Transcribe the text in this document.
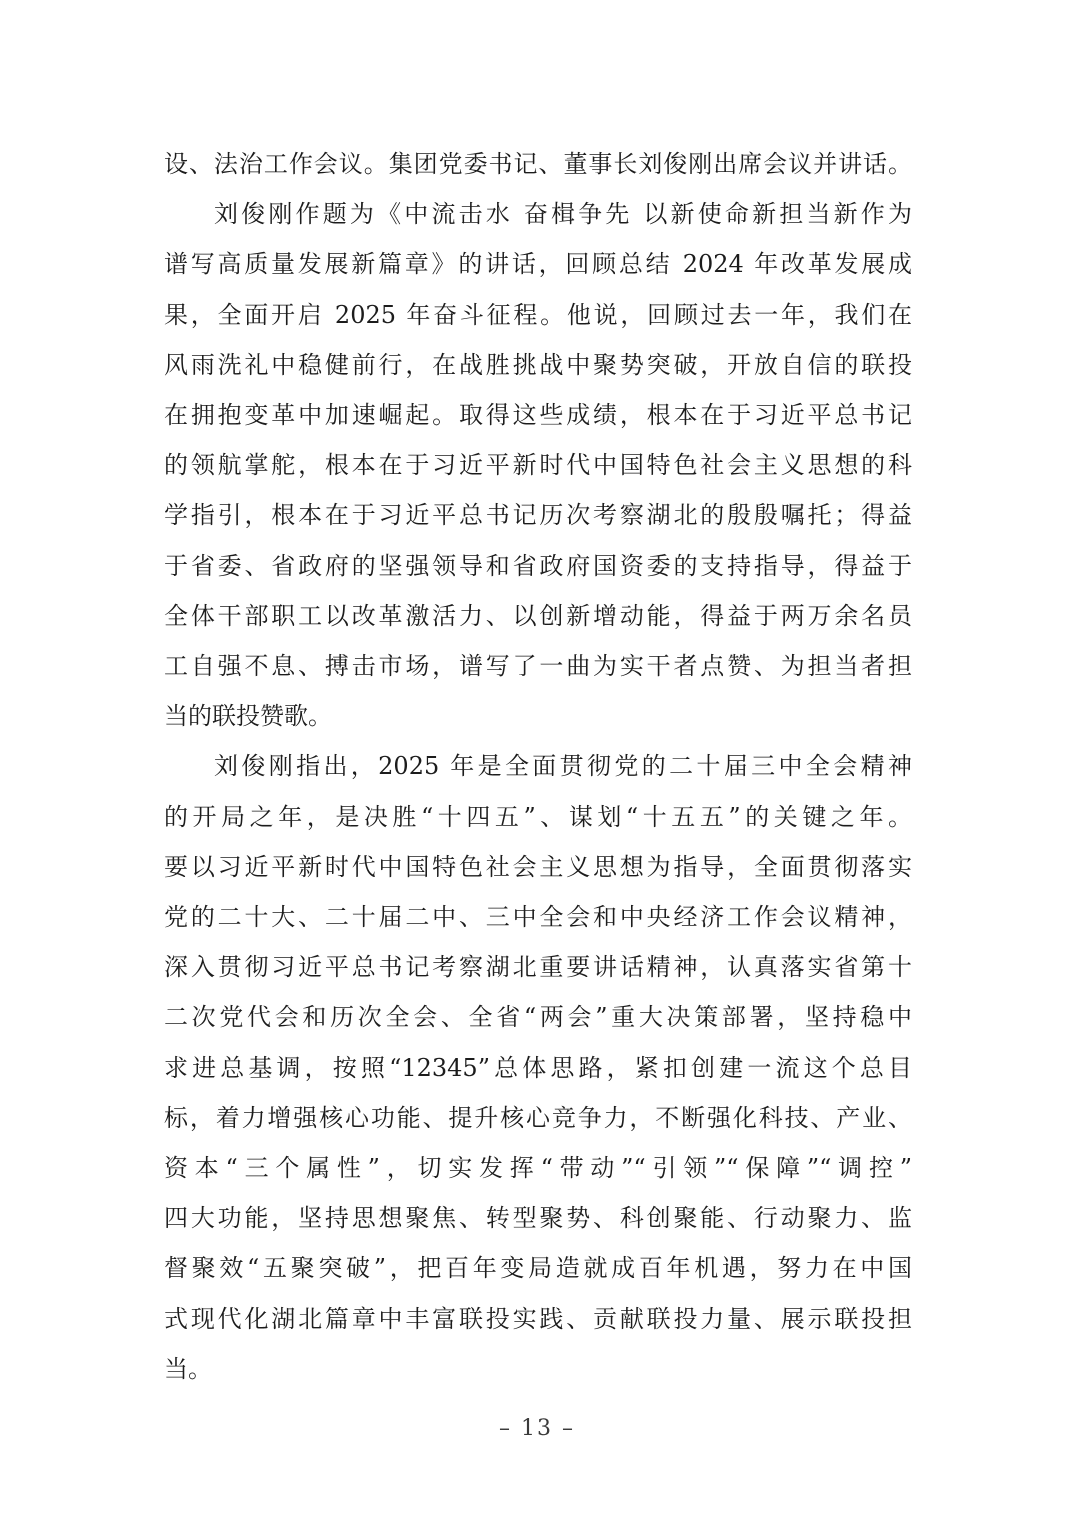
设、法治工作会议。集团党委书记、董事长刘俊刚出席会议并讲话。
刘俊刚作题为《中流击水 奋楫争先 以新使命新担当新作为
谱写高质量发展新篇章》的讲话，回顾总结 2024 年改革发展成
果，全面开启 2025 年奋斗征程。他说，回顾过去一年，我们在
风雨洗礼中稳健前行，在战胜挑战中聚势突破，开放自信的联投
在拥抱变革中加速崛起。取得这些成绩，根本在于习近平总书记
的领航掌舵，根本在于习近平新时代中国特色社会主义思想的科
学指引，根本在于习近平总书记历次考察湖北的殷殷嘱托；得益
于省委、省政府的坚强领导和省政府国资委的支持指导，得益于
全体干部职工以改革激活力、以创新增动能，得益于两万余名员
工自强不息、搏击市场，谱写了一曲为实干者点赞、为担当者担
当的联投赞歌。
刘俊刚指出，2025 年是全面贯彻党的二十届三中全会精神
的开局之年，是决胜“十四五”、谋划“十五五”的关键之年。
要以习近平新时代中国特色社会主义思想为指导，全面贯彻落实
党的二十大、二十届二中、三中全会和中央经济工作会议精神，
深入贯彻习近平总书记考察湖北重要讲话精神，认真落实省第十
二次党代会和历次全会、全省“两会”重大决策部署，坚持稳中
求进总基调，按照“12345”总体思路，紧扣创建一流这个总目
标，着力增强核心功能、提升核心竞争力，不断强化科技、产业、
资本“三个属性”，切实发挥“带动”“引领”“保障”“调控”
四大功能，坚持思想聚焦、转型聚势、科创聚能、行动聚力、监
督聚效“五聚突破”，把百年变局造就成百年机遇，努力在中国
式现代化湖北篇章中丰富联投实践、贡献联投力量、展示联投担
当。
– 13 –
